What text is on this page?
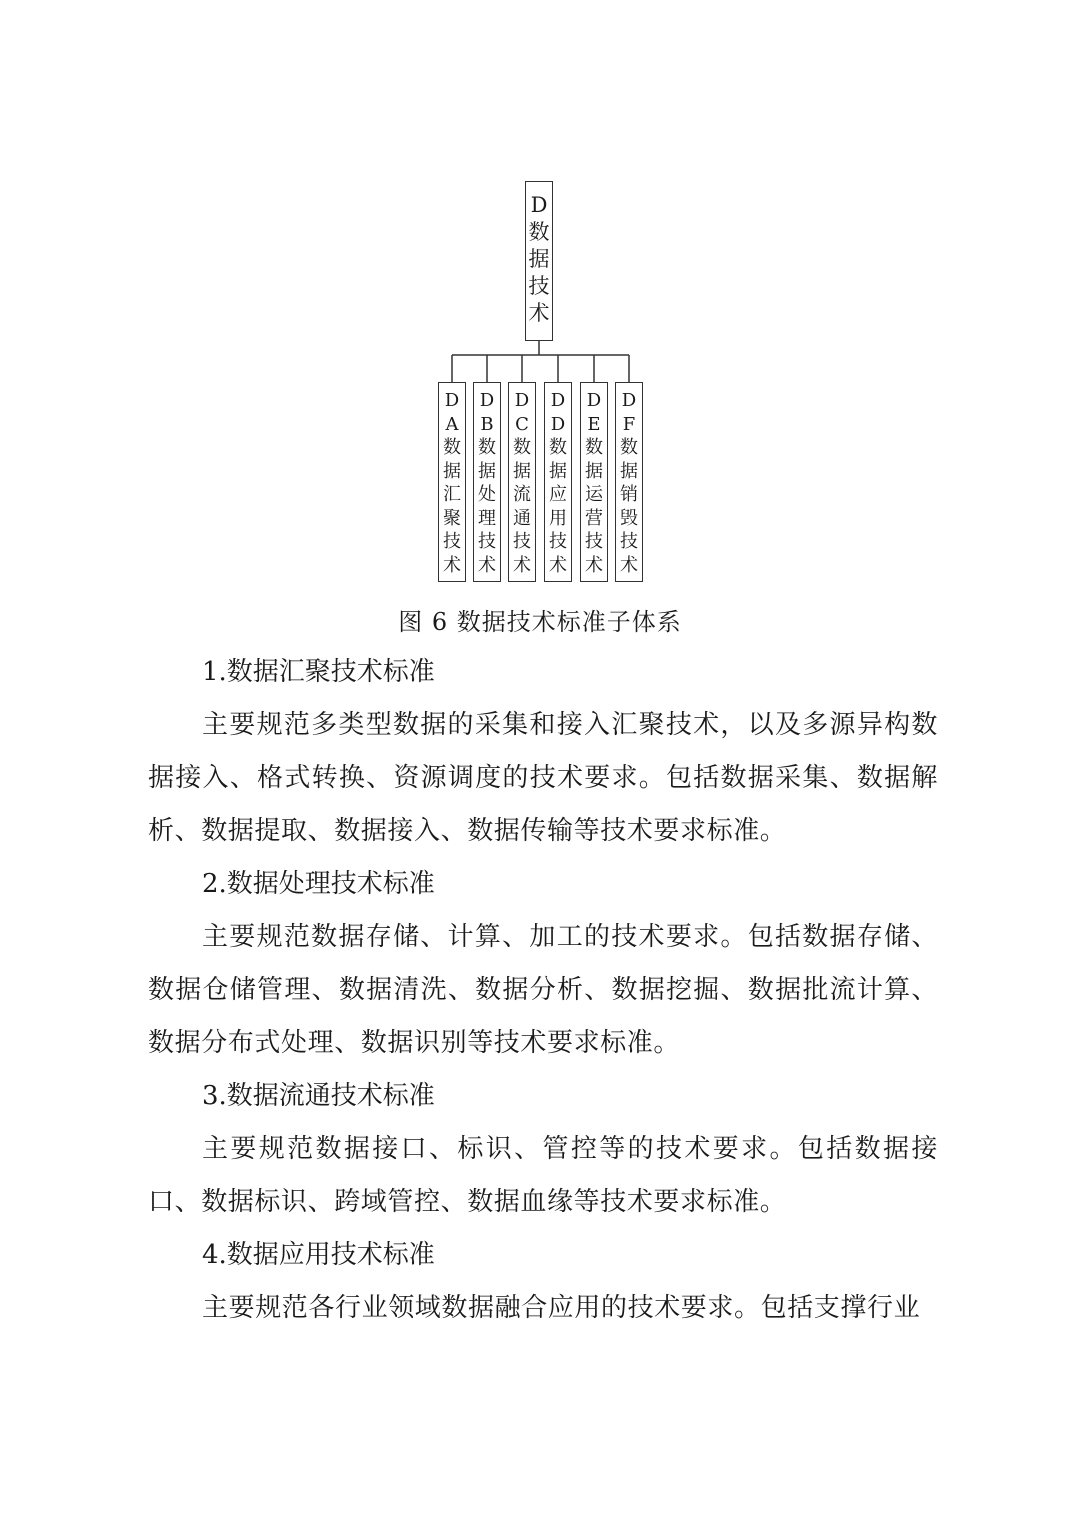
D
数
据
技
术
D
A
数
据
汇
聚
技
术
D
B
数
据
处
理
技
术
D
C
数
据
流
通
技
术
D
D
数
据
应
用
技
术
D
E
数
据
运
营
技
术
D
F
数
据
销
毁
技
术
图 6 数据技术标准子体系
1.数据汇聚技术标准

主要规范多类型数据的采集和接入汇聚技术，以及多源异构数据接入、格式转换、资源调度的技术要求。包括数据采集、数据解析、数据提取、数据接入、数据传输等技术要求标准。

2.数据处理技术标准

主要规范数据存储、计算、加工的技术要求。包括数据存储、数据仓储管理、数据清洗、数据分析、数据挖掘、数据批流计算、数据分布式处理、数据识别等技术要求标准。

3.数据流通技术标准

主要规范数据接口、标识、管控等的技术要求。包括数据接口、数据标识、跨域管控、数据血缘等技术要求标准。

4.数据应用技术标准

主要规范各行业领域数据融合应用的技术要求。包括支撑行业
